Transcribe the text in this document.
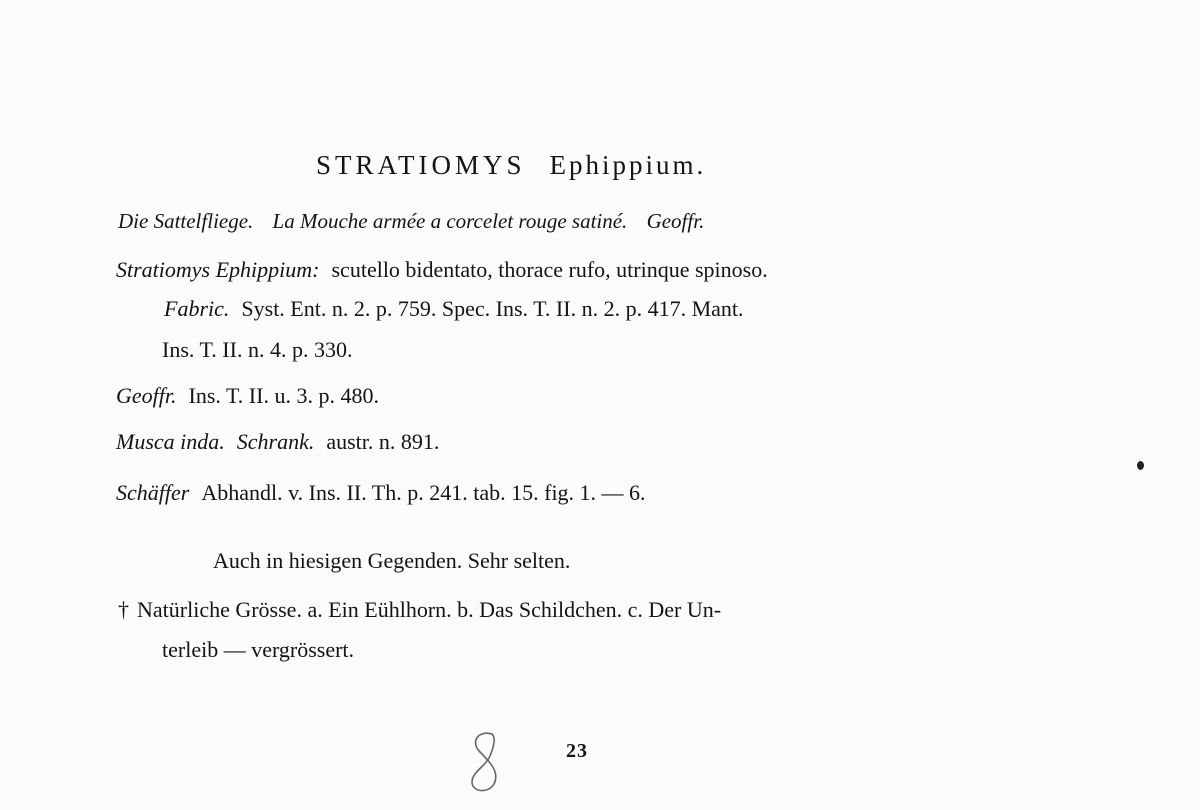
STRATIOMYS Ephippium.
Die Sattelfliege. La Mouche armée a corcelet rouge satiné. Geoffr.
Stratiomys Ephippium: scutello bidentato, thorace rufo, utrinque spinoso.
Fabric. Syst. Ent. n. 2. p. 759. Spec. Ins. T. II. n. 2. p. 417. Mant.
Ins. T. II. n. 4. p. 330.
Geoffr. Ins. T. II. u. 3. p. 480.
Musca inda. Schrank. austr. n. 891.
Schäffer Abhandl. v. Ins. II. Th. p. 241. tab. 15. fig. 1. — 6.
Auch in hiesigen Gegenden. Sehr selten.
† Natürliche Grösse. a. Ein Eühlhorn. b. Das Schildchen. c. Der Un-
terleib — vergrössert.
23
